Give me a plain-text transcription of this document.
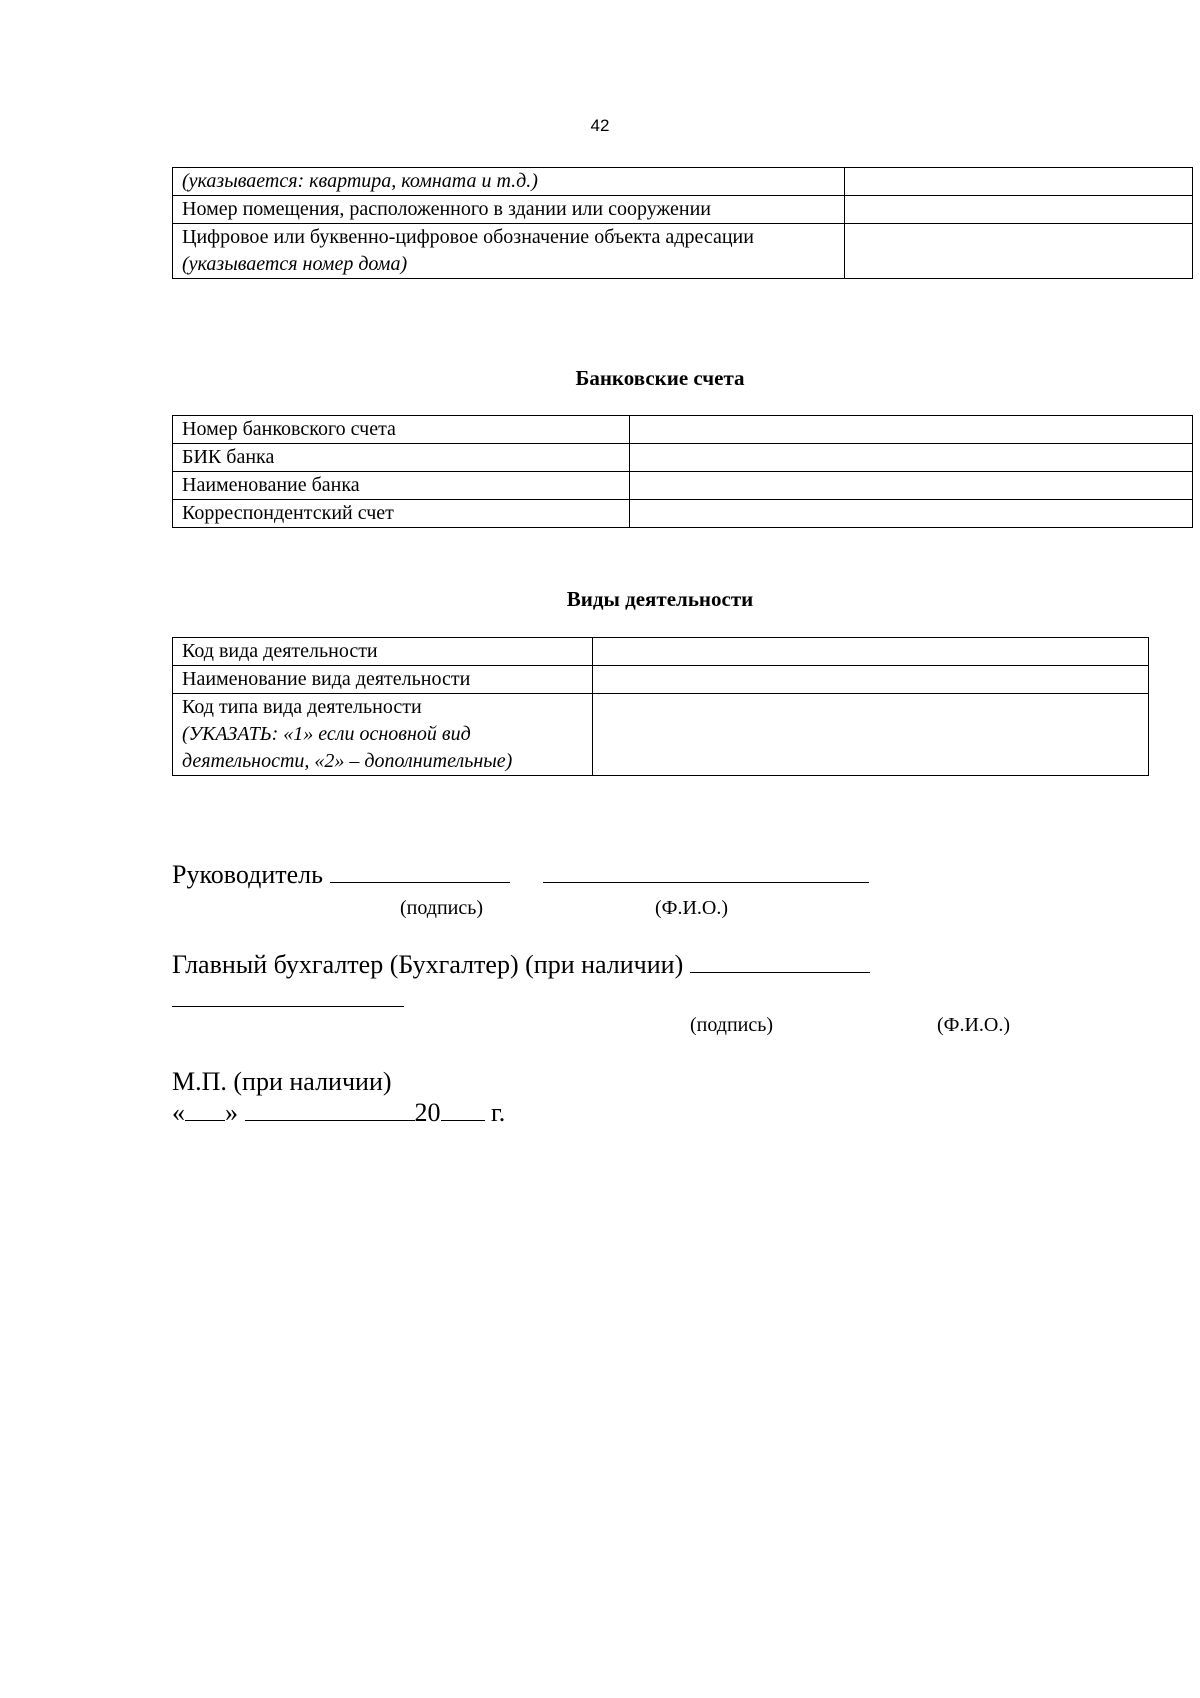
42
(указывается: квартира, комната и т.д.)	
Номер помещения, расположенного в здании или сооружении	
Цифровое или буквенно-цифровое обозначение объекта адресации
(указывается номер дома)	
Банковские счета
Номер банковского счета	
БИК банка	
Наименование банка	
Корреспондентский счет	
Виды деятельности
Код вида деятельности	
Наименование вида деятельности	
Код типа вида деятельности
(УКАЗАТЬ: «1» если основной вид деятельности, «2» – дополнительные)	
Руководитель
(подпись)	(Ф.И.О.)
Главный бухгалтер (Бухгалтер) (при наличии)
(подпись)	(Ф.И.О.)
М.П. (при наличии)
« »	20 г.
